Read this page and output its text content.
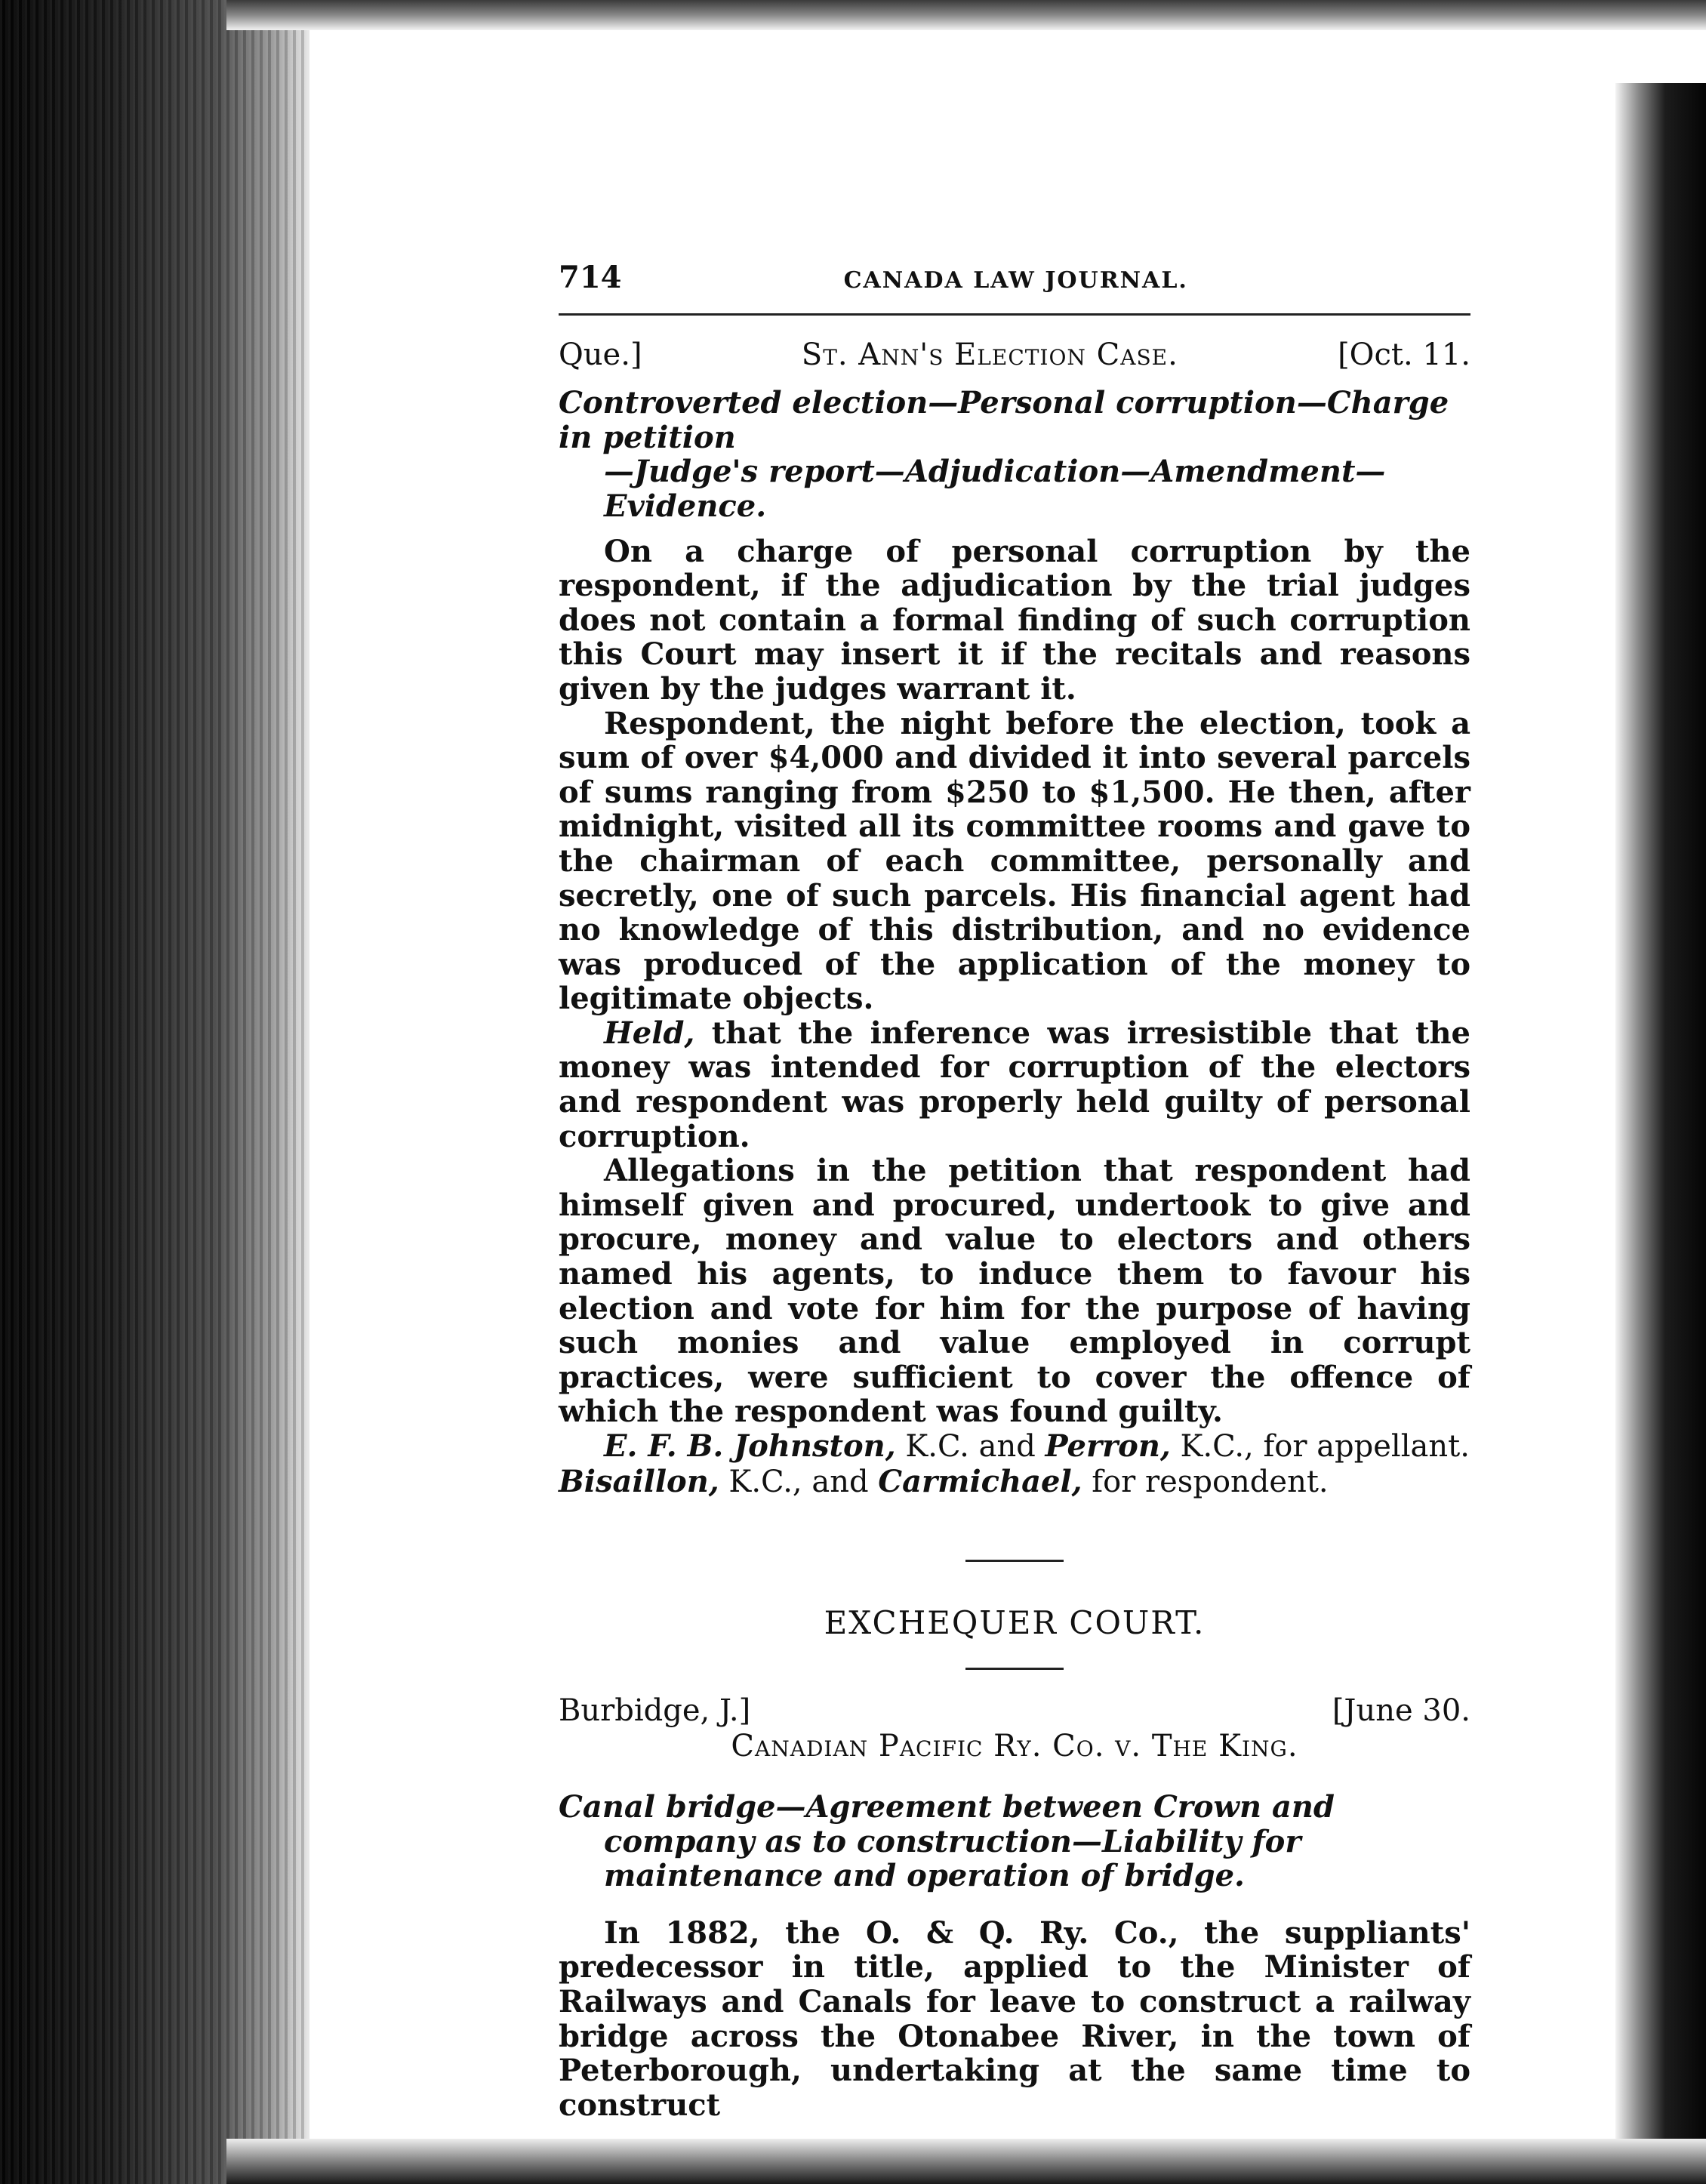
714	CANADA LAW JOURNAL.
Que.]	St. Ann's Election Case.	[Oct. 11.
Controverted election—Personal corruption—Charge in petition
—Judge's report—Adjudication—Amendment—Evidence.

On a charge of personal corruption by the respondent, if the adjudication by the trial judges does not contain a formal finding of such corruption this Court may insert it if the recitals and reasons given by the judges warrant it.

Respondent, the night before the election, took a sum of over $4,000 and divided it into several parcels of sums ranging from $250 to $1,500. He then, after midnight, visited all its committee rooms and gave to the chairman of each committee, personally and secretly, one of such parcels. His financial agent had no knowledge of this distribution, and no evidence was produced of the application of the money to legitimate objects.

Held, that the inference was irresistible that the money was intended for corruption of the electors and respondent was properly held guilty of personal corruption.

Allegations in the petition that respondent had himself given and procured, undertook to give and procure, money and value to electors and others named his agents, to induce them to favour his election and vote for him for the purpose of having such monies and value employed in corrupt practices, were sufficient to cover the offence of which the respondent was found guilty.

E. F. B. Johnston, K.C. and Perron, K.C., for appellant.

Bisaillon, K.C., and Carmichael, for respondent.

EXCHEQUER COURT.
Burbidge, J.]	[June 30.
Canadian Pacific Ry. Co. v. The King.
Canal bridge—Agreement between Crown and company as to construction—Liability for maintenance and operation of bridge.

In 1882, the O. & Q. Ry. Co., the suppliants' predecessor in title, applied to the Minister of Railways and Canals for leave to construct a railway bridge across the Otonabee River, in the town of Peterborough, undertaking at the same time to construct
